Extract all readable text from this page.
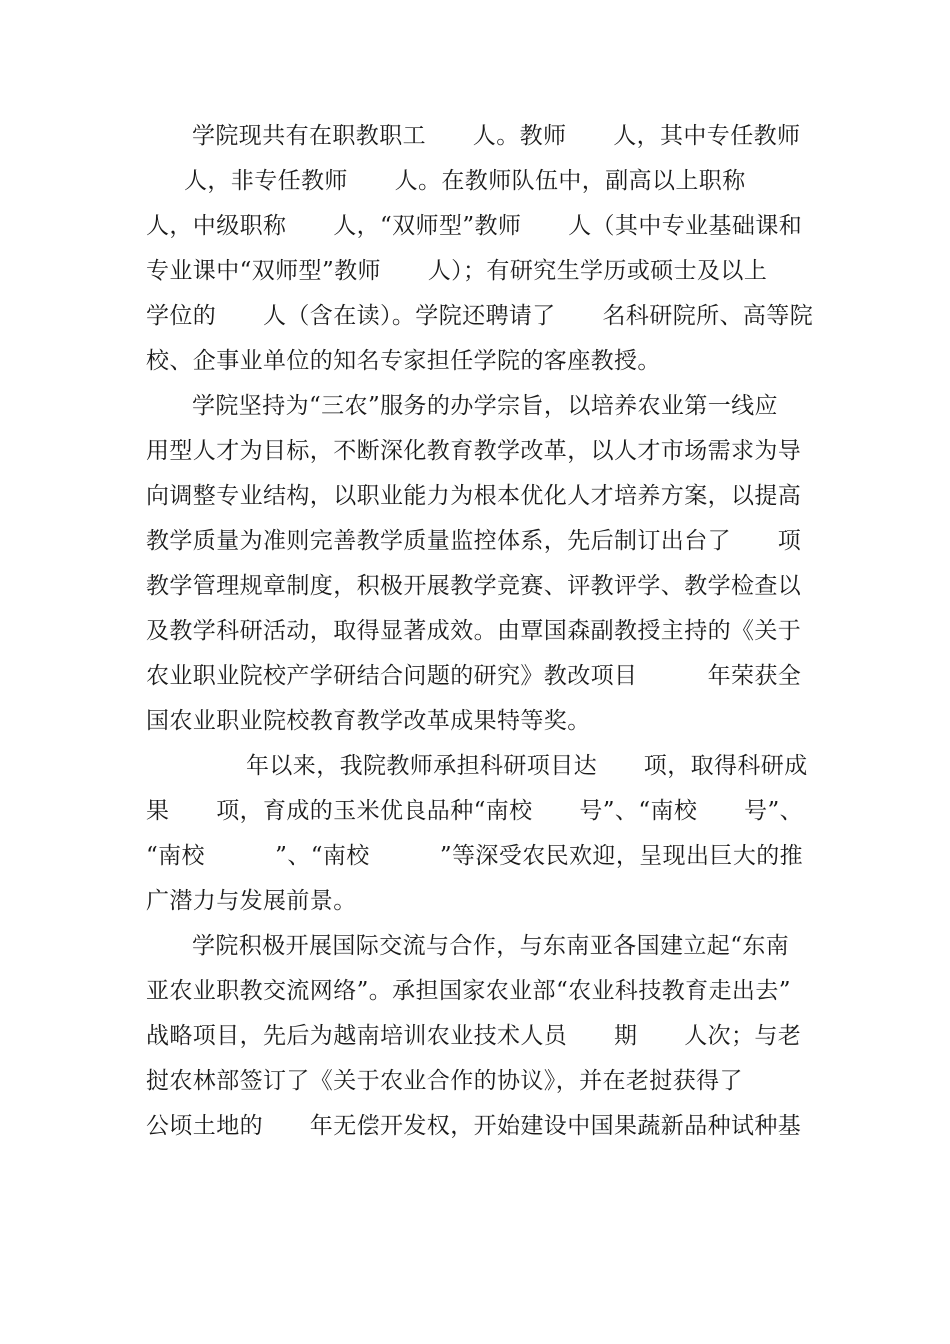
学院现共有在职教职工　　人。教师　　人，其中专任教师
人，非专任教师　　人。在教师队伍中，副高以上职称
人，中级职称　　人，“双师型”教师　　人（其中专业基础课和
专业课中“双师型”教师　　人）；有研究生学历或硕士及以上
学位的　　人（含在读）。学院还聘请了　　名科研院所、高等院
校、企事业单位的知名专家担任学院的客座教授。
学院坚持为“三农”服务的办学宗旨，以培养农业第一线应
用型人才为目标，不断深化教育教学改革，以人才市场需求为导
向调整专业结构，以职业能力为根本优化人才培养方案，以提高
教学质量为准则完善教学质量监控体系，先后制订出台了　　项
教学管理规章制度，积极开展教学竞赛、评教评学、教学检查以
及教学科研活动，取得显著成效。由覃国森副教授主持的《关于
农业职业院校产学研结合问题的研究》教改项目　　　年荣获全
国农业职业院校教育教学改革成果特等奖。
年以来，我院教师承担科研项目达　　项，取得科研成
果　　项，育成的玉米优良品种“南校　　号”、“南校　　号”、
“南校　　　”、“南校　　　”等深受农民欢迎，呈现出巨大的推
广潜力与发展前景。
学院积极开展国际交流与合作，与东南亚各国建立起“东南
亚农业职教交流网络”。承担国家农业部“农业科技教育走出去”
战略项目，先后为越南培训农业技术人员　　期　　人次；与老
挝农林部签订了《关于农业合作的协议》，并在老挝获得了
公顷土地的　　年无偿开发权，开始建设中国果蔬新品种试种基
